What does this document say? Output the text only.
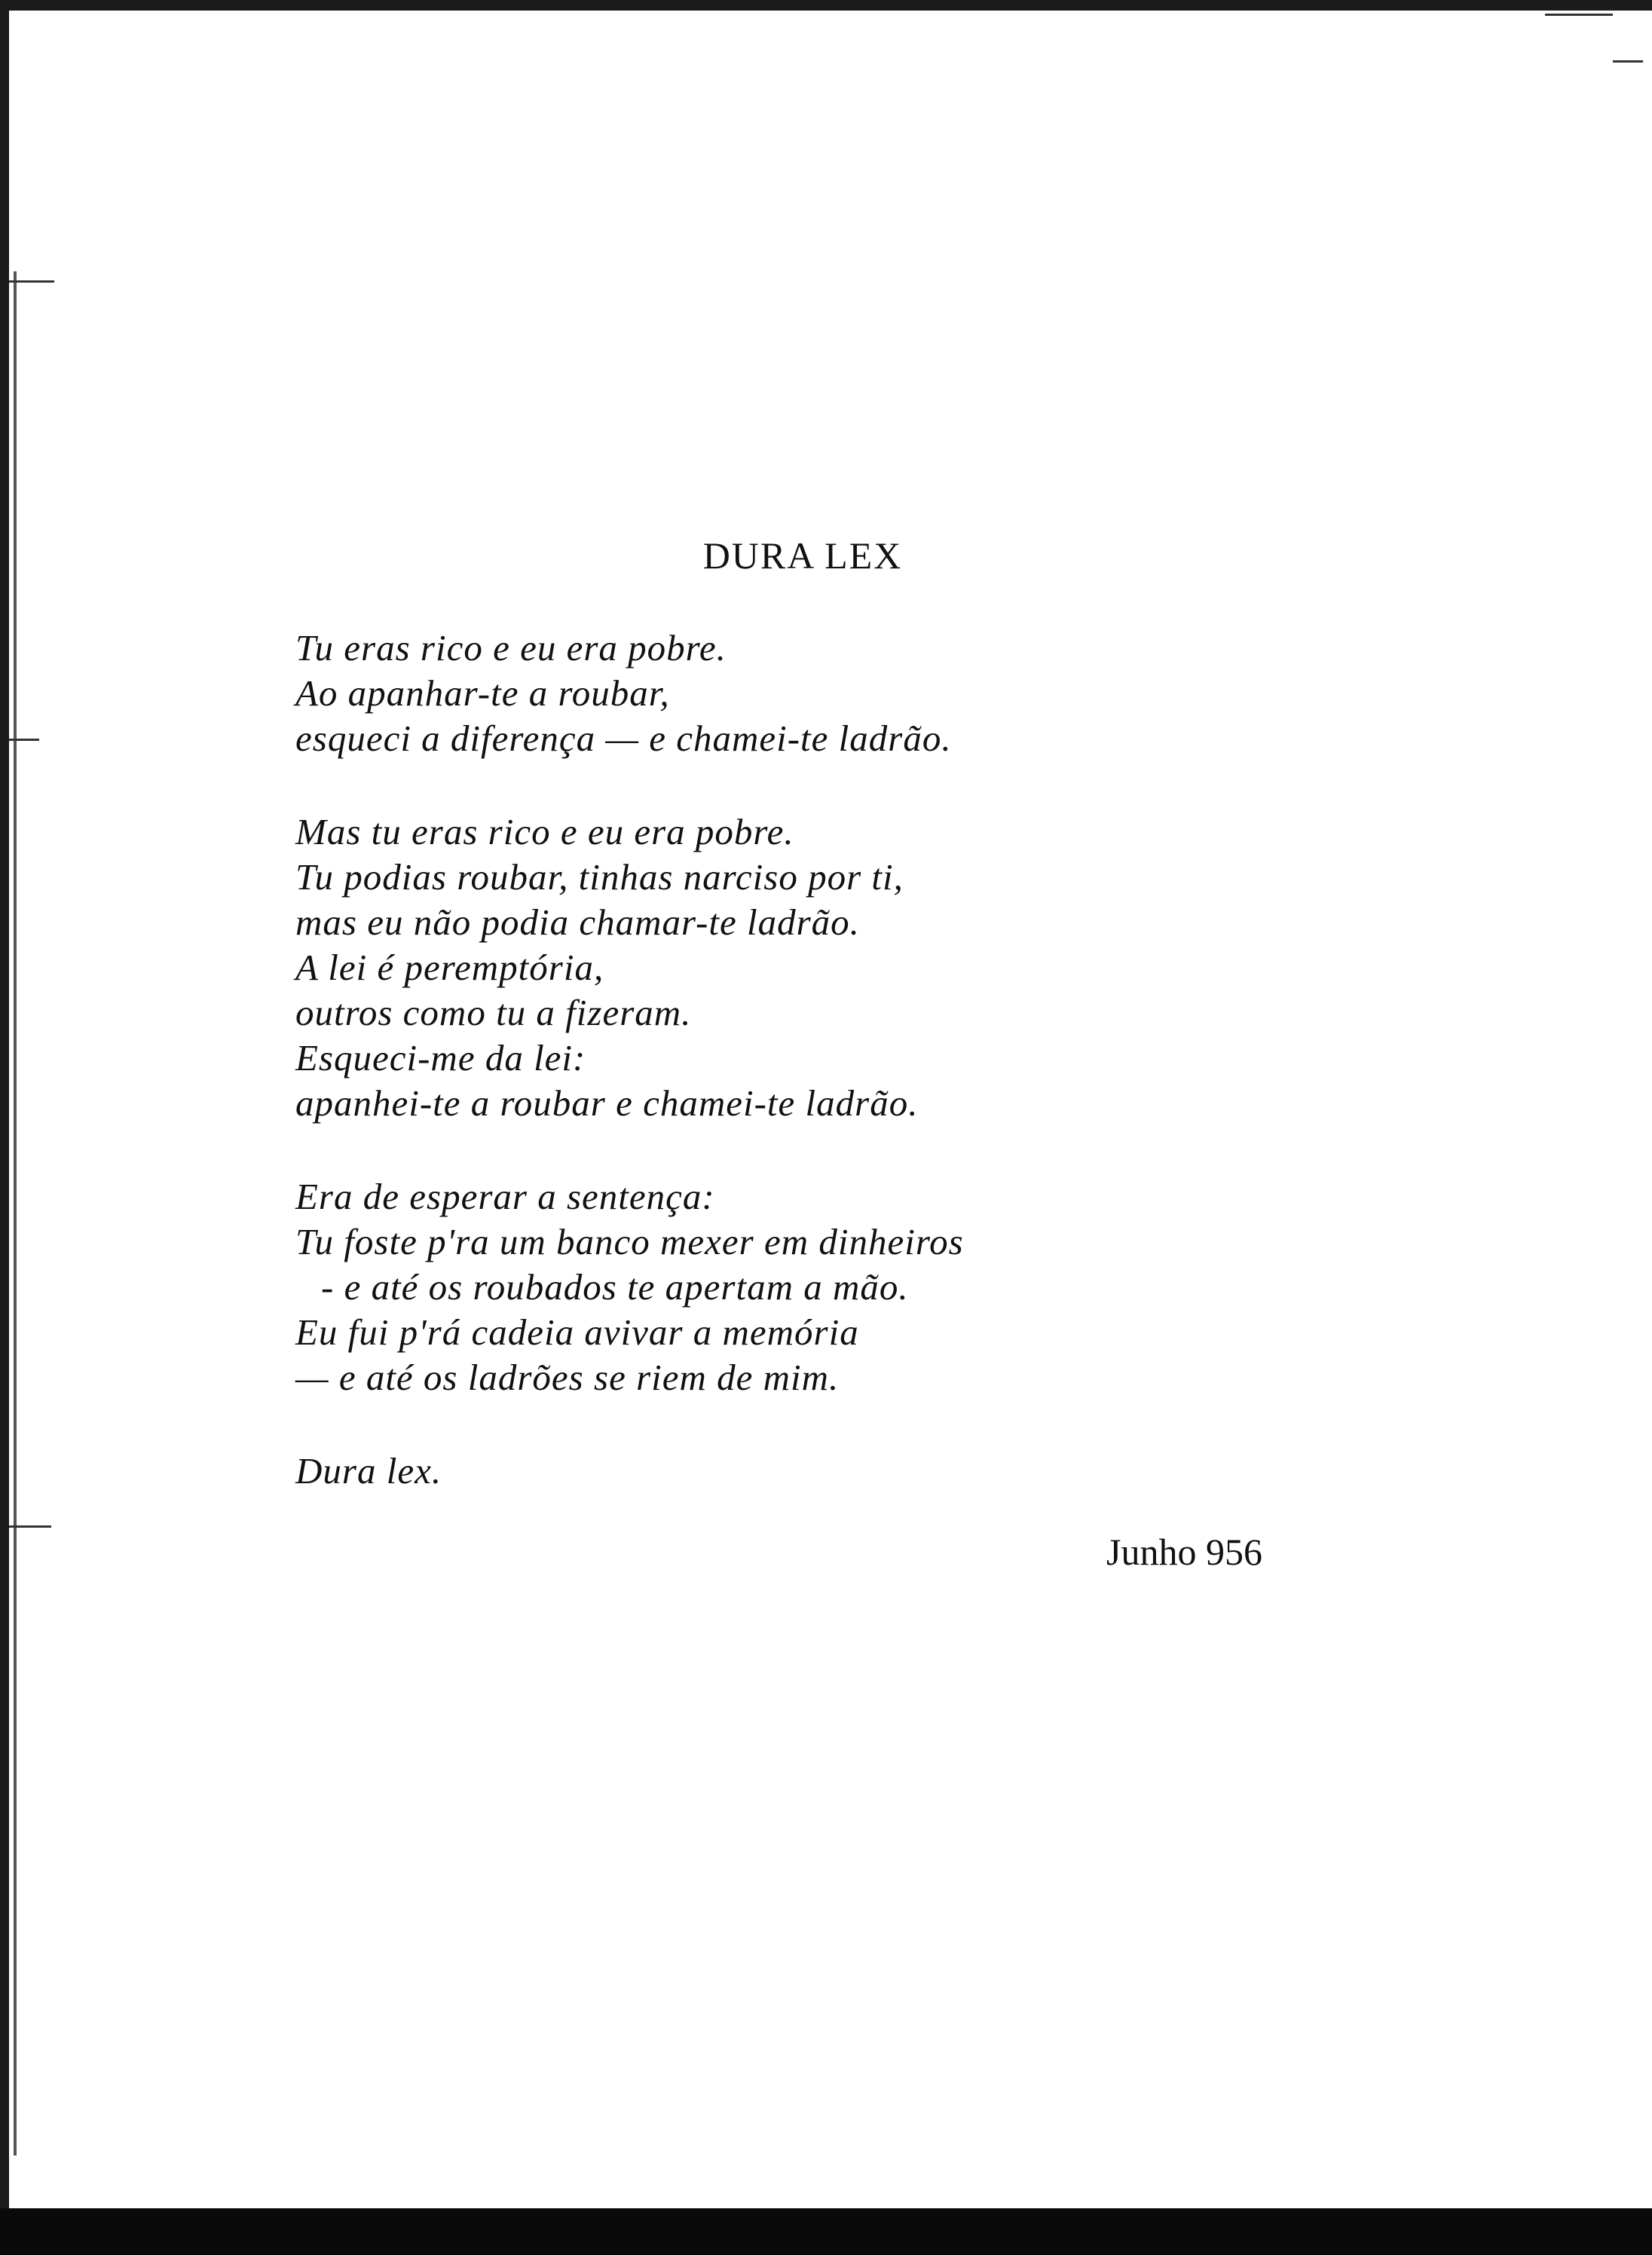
DURA LEX
Tu eras rico e eu era pobre.
Ao apanhar-te a roubar,
esqueci a diferença — e chamei-te ladrão.
Mas tu eras rico e eu era pobre.
Tu podias roubar, tinhas narciso por ti,
mas eu não podia chamar-te ladrão.
A lei é peremptória,
outros como tu a fizeram.
Esqueci-me da lei:
apanhei-te a roubar e chamei-te ladrão.
Era de esperar a sentença:
Tu foste p'ra um banco mexer em dinheiros
- e até os roubados te apertam a mão.
Eu fui p'rá cadeia avivar a memória
— e até os ladrões se riem de mim.
Dura lex.
Junho 956
